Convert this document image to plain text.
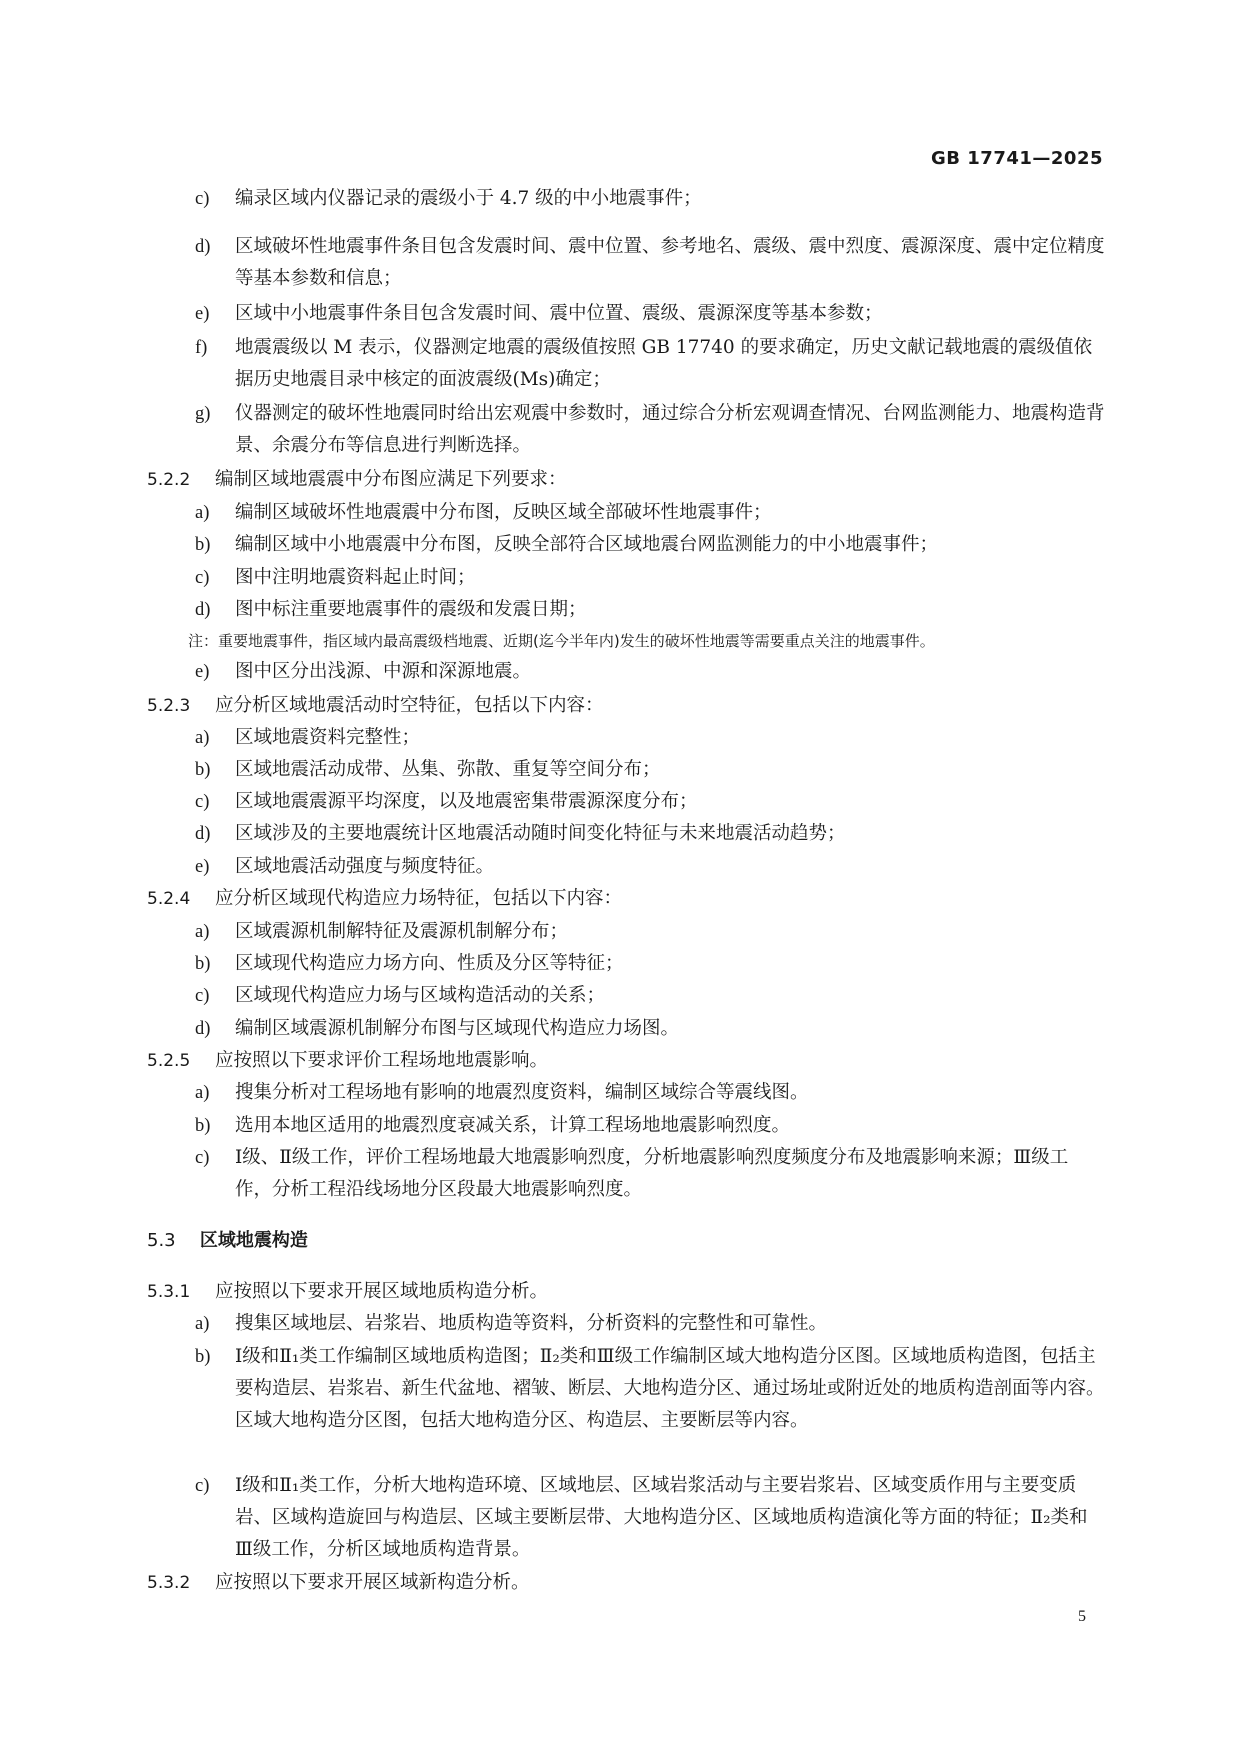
GB 17741—2025
c)	编录区域内仪器记录的震级小于 4.7 级的中小地震事件；
d)	区域破坏性地震事件条目包含发震时间、震中位置、参考地名、震级、震中烈度、震源深度、震中定位精度等基本参数和信息；
e)	区域中小地震事件条目包含发震时间、震中位置、震级、震源深度等基本参数；
f)	地震震级以 M 表示，仪器测定地震的震级值按照 GB 17740 的要求确定，历史文献记载地震的震级值依据历史地震目录中核定的面波震级(Ms)确定；
g)	仪器测定的破坏性地震同时给出宏观震中参数时，通过综合分析宏观调查情况、台网监测能力、地震构造背景、余震分布等信息进行判断选择。
5.2.2 编制区域地震震中分布图应满足下列要求：
a)	编制区域破坏性地震震中分布图，反映区域全部破坏性地震事件；
b)	编制区域中小地震震中分布图，反映全部符合区域地震台网监测能力的中小地震事件；
c)	图中注明地震资料起止时间；
d)	图中标注重要地震事件的震级和发震日期；
注：重要地震事件，指区域内最高震级档地震、近期(迄今半年内)发生的破坏性地震等需要重点关注的地震事件。
e)	图中区分出浅源、中源和深源地震。
5.2.3 应分析区域地震活动时空特征，包括以下内容：
a)	区域地震资料完整性；
b)	区域地震活动成带、丛集、弥散、重复等空间分布；
c)	区域地震震源平均深度，以及地震密集带震源深度分布；
d)	区域涉及的主要地震统计区地震活动随时间变化特征与未来地震活动趋势；
e)	区域地震活动强度与频度特征。
5.2.4 应分析区域现代构造应力场特征，包括以下内容：
a)	区域震源机制解特征及震源机制解分布；
b)	区域现代构造应力场方向、性质及分区等特征；
c)	区域现代构造应力场与区域构造活动的关系；
d)	编制区域震源机制解分布图与区域现代构造应力场图。
5.2.5 应按照以下要求评价工程场地地震影响。
a)	搜集分析对工程场地有影响的地震烈度资料，编制区域综合等震线图。
b)	选用本地区适用的地震烈度衰减关系，计算工程场地地震影响烈度。
c)	Ⅰ级、Ⅱ级工作，评价工程场地最大地震影响烈度，分析地震影响烈度频度分布及地震影响来源；Ⅲ级工作，分析工程沿线场地分区段最大地震影响烈度。
5.3 区域地震构造
5.3.1 应按照以下要求开展区域地质构造分析。
a)	搜集区域地层、岩浆岩、地质构造等资料，分析资料的完整性和可靠性。
b)	Ⅰ级和Ⅱ₁类工作编制区域地质构造图；Ⅱ₂类和Ⅲ级工作编制区域大地构造分区图。区域地质构造图，包括主要构造层、岩浆岩、新生代盆地、褶皱、断层、大地构造分区、通过场址或附近处的地质构造剖面等内容。区域大地构造分区图，包括大地构造分区、构造层、主要断层等内容。
c)	Ⅰ级和Ⅱ₁类工作，分析大地构造环境、区域地层、区域岩浆活动与主要岩浆岩、区域变质作用与主要变质岩、区域构造旋回与构造层、区域主要断层带、大地构造分区、区域地质构造演化等方面的特征；Ⅱ₂类和Ⅲ级工作，分析区域地质构造背景。
5.3.2 应按照以下要求开展区域新构造分析。
5
